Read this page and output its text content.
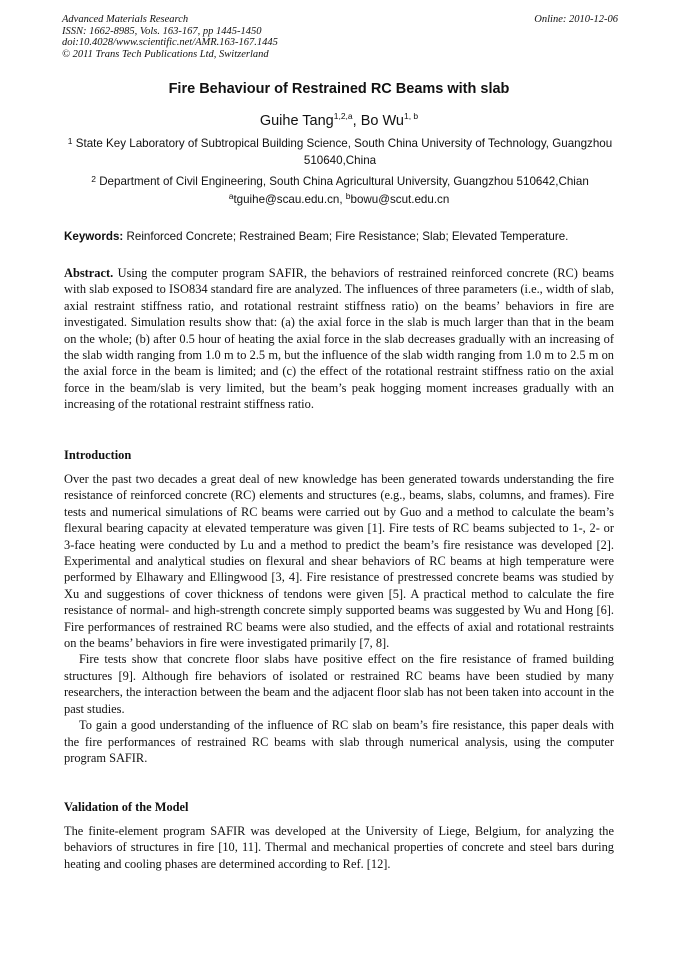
Advanced Materials Research
ISSN: 1662-8985, Vols. 163-167, pp 1445-1450
doi:10.4028/www.scientific.net/AMR.163-167.1445
© 2011 Trans Tech Publications Ltd, Switzerland
Online: 2010-12-06
Fire Behaviour of Restrained RC Beams with slab
Guihe Tang$^{1,2,a}$, Bo Wu$^{1, b}$
$^1$ State Key Laboratory of Subtropical Building Science, South China University of Technology, Guangzhou 510640,China
$^2$ Department of Civil Engineering, South China Agricultural University, Guangzhou 510642,Chian
$^a$tguihe@scau.edu.cn, $^b$bowu@scut.edu.cn
Keywords: Reinforced Concrete; Restrained Beam; Fire Resistance; Slab; Elevated Temperature.

Abstract. Using the computer program SAFIR, the behaviors of restrained reinforced concrete (RC) beams with slab exposed to ISO834 standard fire are analyzed. The influences of three parameters (i.e., width of slab, axial restraint stiffness ratio, and rotational restraint stiffness ratio) on the beams’ behaviors in fire are investigated. Simulation results show that: (a) the axial force in the slab is much larger than that in the beam on the whole; (b) after 0.5 hour of heating the axial force in the slab decreases gradually with an increasing of the slab width ranging from 1.0 m to 2.5 m, but the influence of the slab width ranging from 1.0 m to 2.5 m on the axial force in the beam is limited; and (c) the effect of the rotational restraint stiffness ratio on the axial force in the beam/slab is very limited, but the beam’s peak hogging moment increases gradually with an increasing of the rotational restraint stiffness ratio.

Introduction

Over the past two decades a great deal of new knowledge has been generated towards understanding the fire resistance of reinforced concrete (RC) elements and structures (e.g., beams, slabs, columns, and frames). Fire tests and numerical simulations of RC beams were carried out by Guo and a method to calculate the beam’s flexural bearing capacity at elevated temperature was given [1]. Fire tests of RC beams subjected to 1-, 2- or 3-face heating were conducted by Lu and a method to predict the beam’s fire resistance was developed [2]. Experimental and analytical studies on flexural and shear behaviors of RC beams at high temperature were performed by Elhawary and Ellingwood [3, 4]. Fire resistance of prestressed concrete beams was studied by Xu and suggestions of cover thickness of tendons were given [5]. A practical method to calculate the fire resistance of normal- and high-strength concrete simply supported beams was suggested by Wu and Hong [6]. Fire performances of restrained RC beams were also studied, and the effects of axial and rotational restraints on the beams’ behaviors in fire were investigated primarily [7, 8].

Fire tests show that concrete floor slabs have positive effect on the fire resistance of framed building structures [9]. Although fire behaviors of isolated or restrained RC beams have been studied by many researchers, the interaction between the beam and the adjacent floor slab has not been taken into account in the past studies.

To gain a good understanding of the influence of RC slab on beam’s fire resistance, this paper deals with the fire performances of restrained RC beams with slab through numerical analysis, using the computer program SAFIR.

Validation of the Model

The finite-element program SAFIR was developed at the University of Liege, Belgium, for analyzing the behaviors of structures in fire [10, 11]. Thermal and mechanical properties of concrete and steel bars during heating and cooling phases are determined according to Ref. [12].
